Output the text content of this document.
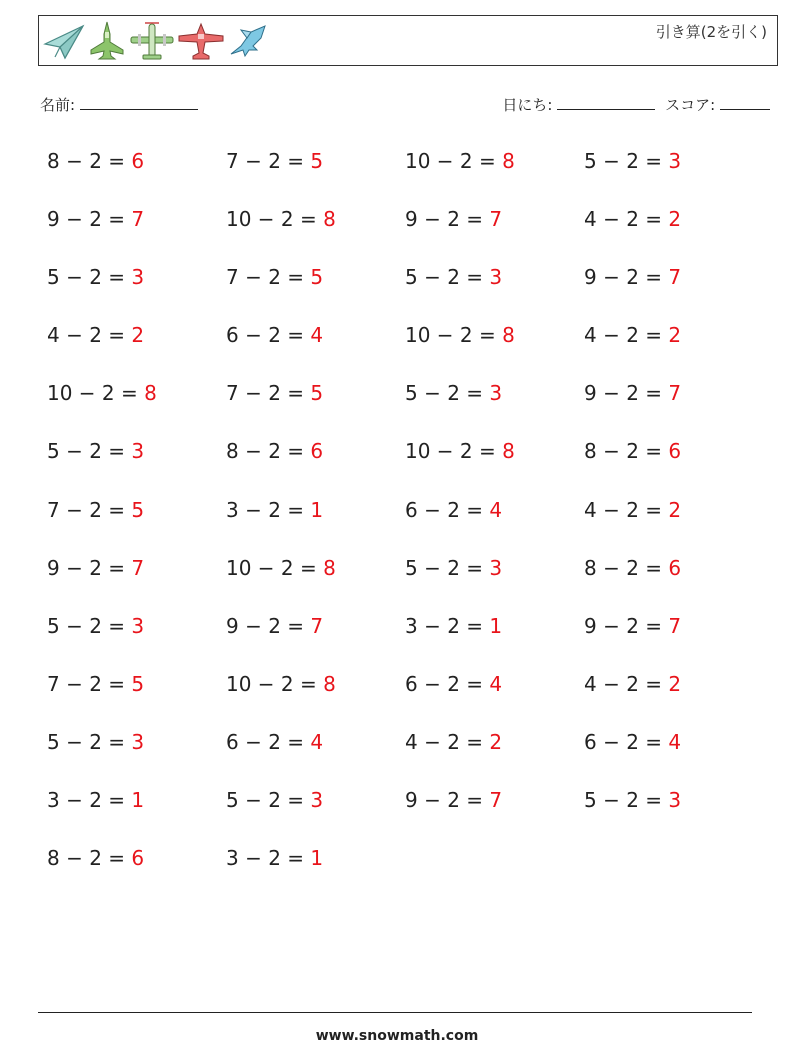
引き算(2を引く)
名前:	日にち:	スコア:
8 − 2 = 6	7 − 2 = 5	10 − 2 = 8	5 − 2 = 3
9 − 2 = 7	10 − 2 = 8	9 − 2 = 7	4 − 2 = 2
5 − 2 = 3	7 − 2 = 5	5 − 2 = 3	9 − 2 = 7
4 − 2 = 2	6 − 2 = 4	10 − 2 = 8	4 − 2 = 2
10 − 2 = 8	7 − 2 = 5	5 − 2 = 3	9 − 2 = 7
5 − 2 = 3	8 − 2 = 6	10 − 2 = 8	8 − 2 = 6
7 − 2 = 5	3 − 2 = 1	6 − 2 = 4	4 − 2 = 2
9 − 2 = 7	10 − 2 = 8	5 − 2 = 3	8 − 2 = 6
5 − 2 = 3	9 − 2 = 7	3 − 2 = 1	9 − 2 = 7
7 − 2 = 5	10 − 2 = 8	6 − 2 = 4	4 − 2 = 2
5 − 2 = 3	6 − 2 = 4	4 − 2 = 2	6 − 2 = 4
3 − 2 = 1	5 − 2 = 3	9 − 2 = 7	5 − 2 = 3
8 − 2 = 6	3 − 2 = 1
www.snowmath.com
